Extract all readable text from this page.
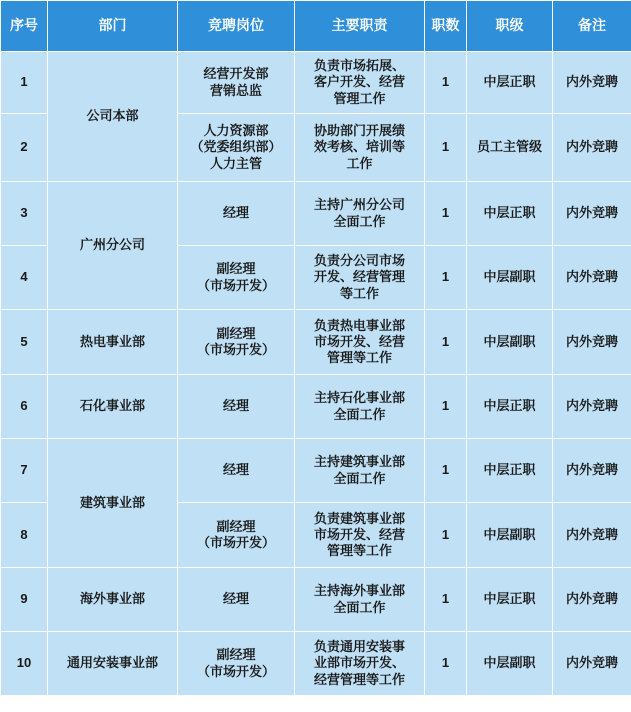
序号	部门	竞聘岗位	主要职责	职数	职级	备注
1	公司本部	经营开发部
营销总监	负责市场拓展、
客户开发、经营
管理工作	1	中层正职	内外竞聘
2		人力资源部
（党委组织部）
人力主管	协助部门开展绩
效考核、培训等
工作	1	员工主管级	内外竞聘
3	广州分公司	经理	主持广州分公司
全面工作	1	中层正职	内外竞聘
4		副经理
（市场开发）	负责分公司市场
开发、经营管理
等工作	1	中层副职	内外竞聘
5	热电事业部	副经理
（市场开发）	负责热电事业部
市场开发、经营
管理等工作	1	中层副职	内外竞聘
6	石化事业部	经理	主持石化事业部
全面工作	1	中层正职	内外竞聘
7	建筑事业部	经理	主持建筑事业部
全面工作	1	中层正职	内外竞聘
8		副经理
（市场开发）	负责建筑事业部
市场开发、经营
管理等工作	1	中层副职	内外竞聘
9	海外事业部	经理	主持海外事业部
全面工作	1	中层正职	内外竞聘
10	通用安装事业部	副经理
（市场开发）	负责通用安装事
业部市场开发、
经营管理等工作	1	中层副职	内外竞聘
